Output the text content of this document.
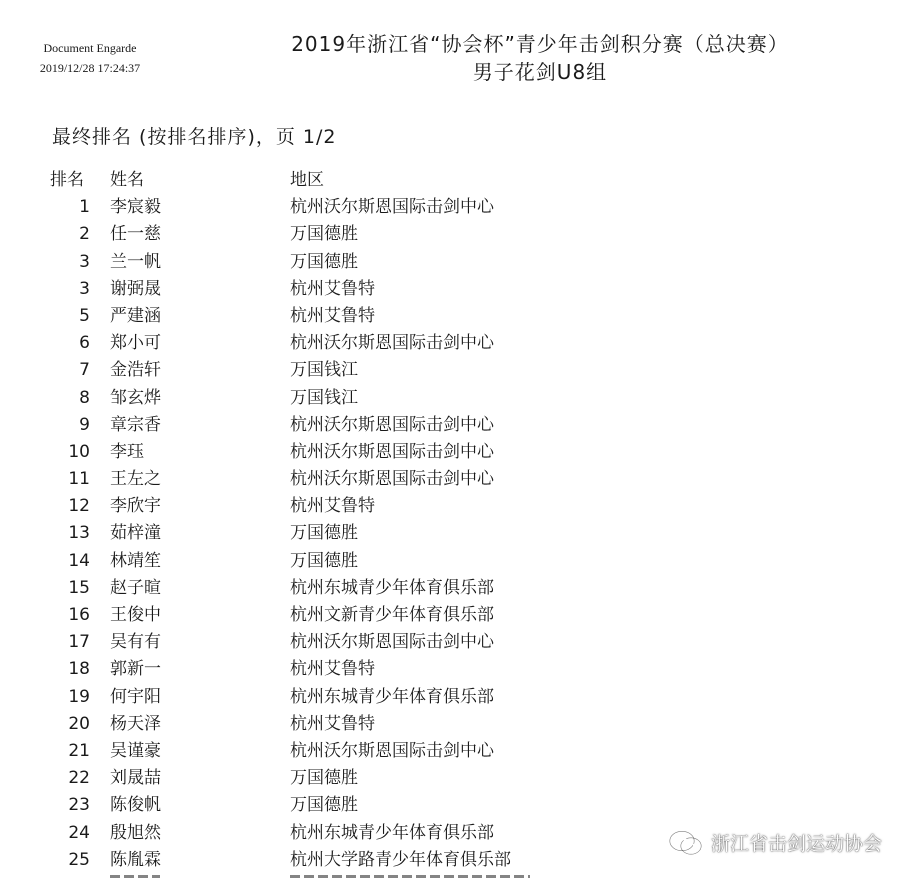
Document Engarde
2019/12/28 17:24:37
2019年浙江省“协会杯”青少年击剑积分赛（总决赛）
男子花剑U8组
最终排名 (按排名排序)，页 1/2
排名	姓名	地区
1 李宸毅	杭州沃尔斯恩国际击剑中心
2 任一慈	万国德胜
3 兰一帆	万国德胜
3 谢弼晟	杭州艾鲁特
5 严建涵	杭州艾鲁特
6 郑小可	杭州沃尔斯恩国际击剑中心
7 金浩轩	万国钱江
8 邹玄烨	万国钱江
9 章宗香	杭州沃尔斯恩国际击剑中心
10 李珏	杭州沃尔斯恩国际击剑中心
11 王左之	杭州沃尔斯恩国际击剑中心
12 李欣宇	杭州艾鲁特
13 茹梓潼	万国德胜
14 林靖笙	万国德胜
15 赵子暄	杭州东城青少年体育俱乐部
16 王俊中	杭州文新青少年体育俱乐部
17 吴有有	杭州沃尔斯恩国际击剑中心
18 郭新一	杭州艾鲁特
19 何宇阳	杭州东城青少年体育俱乐部
20 杨天泽	杭州艾鲁特
21 吴谨豪	杭州沃尔斯恩国际击剑中心
22 刘晟喆	万国德胜
23 陈俊帆	万国德胜
24 殷旭然	杭州东城青少年体育俱乐部
25 陈胤霖	杭州大学路青少年体育俱乐部
浙江省击剑运动协会
